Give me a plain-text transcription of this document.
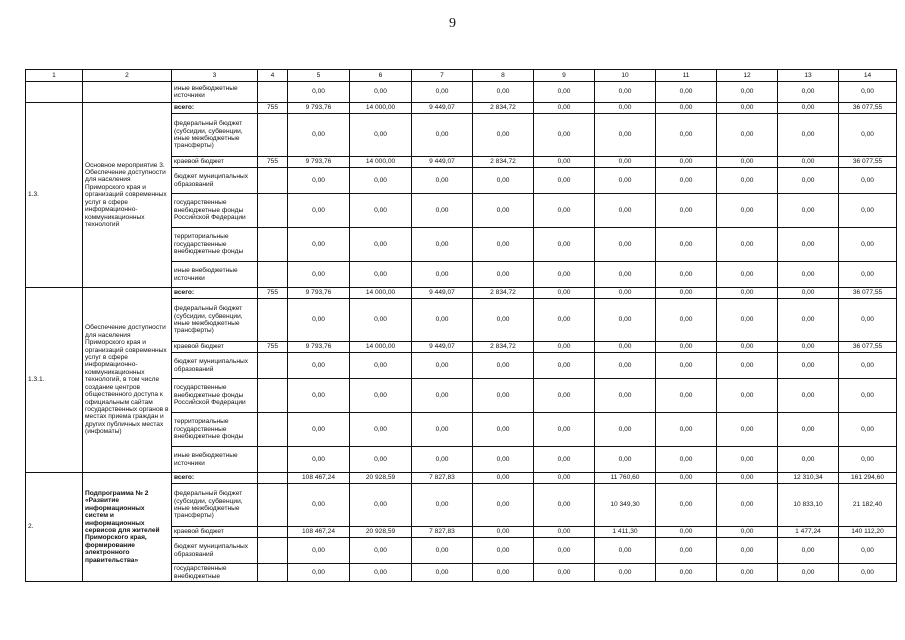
9
1	2	3	4	5	6	7	8	9	10	11	12	13	14
		иные внебюджетные источники		0,00	0,00	0,00	0,00	0,00	0,00	0,00	0,00	0,00	0,00
1.3.	Основное мероприятие 3. Обеспечение доступности для населения Приморского края и организаций современных услуг в сфере информационно-коммуникационных технологий	всего:	755	9 793,76	14 000,00	9 449,07	2 834,72	0,00	0,00	0,00	0,00	0,00	36 077,55
		федеральный бюджет (субсидии, субвенции, иные межбюджетные трансферты)		0,00	0,00	0,00	0,00	0,00	0,00	0,00	0,00	0,00	0,00
		краевой бюджет	755	9 793,76	14 000,00	9 449,07	2 834,72	0,00	0,00	0,00	0,00	0,00	36 077,55
		бюджет муниципальных образований		0,00	0,00	0,00	0,00	0,00	0,00	0,00	0,00	0,00	0,00
		государственные внебюджетные фонды Российской Федерации		0,00	0,00	0,00	0,00	0,00	0,00	0,00	0,00	0,00	0,00
		территориальные государственные внебюджетные фонды		0,00	0,00	0,00	0,00	0,00	0,00	0,00	0,00	0,00	0,00
		иные внебюджетные источники		0,00	0,00	0,00	0,00	0,00	0,00	0,00	0,00	0,00	0,00
1.3.1.	Обеспечение доступности для населения Приморского края и организаций современных услуг в сфере информационно-коммуникационных технологий, в том числе создание центров общественного доступа к официальным сайтам государственных органов в местах приема граждан и других публичных местах (инфоматы)	всего:	755	9 793,76	14 000,00	9 449,07	2 834,72	0,00	0,00	0,00	0,00	0,00	36 077,55
		федеральный бюджет (субсидии, субвенции, иные межбюджетные трансферты)		0,00	0,00	0,00	0,00	0,00	0,00	0,00	0,00	0,00	0,00
		краевой бюджет	755	9 793,76	14 000,00	9 449,07	2 834,72	0,00	0,00	0,00	0,00	0,00	36 077,55
		бюджет муниципальных образований		0,00	0,00	0,00	0,00	0,00	0,00	0,00	0,00	0,00	0,00
		государственные внебюджетные фонды Российской Федерации		0,00	0,00	0,00	0,00	0,00	0,00	0,00	0,00	0,00	0,00
		территориальные государственные внебюджетные фонды		0,00	0,00	0,00	0,00	0,00	0,00	0,00	0,00	0,00	0,00
		иные внебюджетные источники		0,00	0,00	0,00	0,00	0,00	0,00	0,00	0,00	0,00	0,00
2.	Подпрограмма № 2 «Развитие информационных систем и информационных сервисов для жителей Приморского края, формирование электронного правительства»	всего:		108 467,24	20 928,59	7 827,83	0,00	0,00	11 760,60	0,00	0,00	12 310,34	161 294,60
		федеральный бюджет (субсидии, субвенции, иные межбюджетные трансферты)		0,00	0,00	0,00	0,00	0,00	10 349,30	0,00	0,00	10 833,10	21 182,40
		краевой бюджет		108 467,24	20 928,59	7 827,83	0,00	0,00	1 411,30	0,00	0,00	1 477,24	140 112,20
		бюджет муниципальных образований		0,00	0,00	0,00	0,00	0,00	0,00	0,00	0,00	0,00	0,00
		государственные внебюджетные		0,00	0,00	0,00	0,00	0,00	0,00	0,00	0,00	0,00	0,00
